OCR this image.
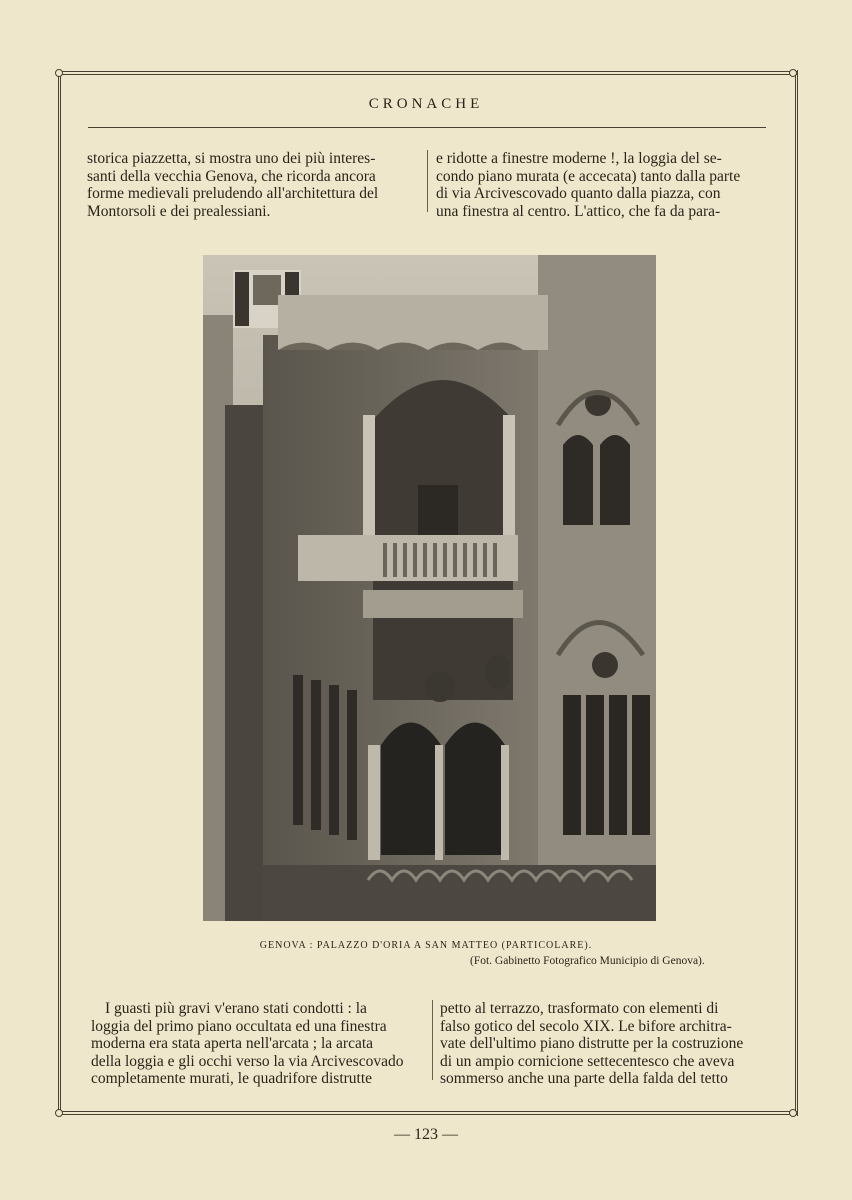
CRONACHE
storica piazzetta, si mostra uno dei più interes-
santi della vecchia Genova, che ricorda ancora
forme medievali preludendo all'architettura del
Montorsoli e dei prealessiani.
e ridotte a finestre moderne !, la loggia del se-
condo piano murata (e accecata) tanto dalla parte
di via Arcivescovado quanto dalla piazza, con
una finestra al centro. L'attico, che fa da para-
GENOVA : PALAZZO D'ORIA A SAN MATTEO (PARTICOLARE).
(Fot. Gabinetto Fotografico Municipio di Genova).
I guasti più gravi v'erano stati condotti : la
loggia del primo piano occultata ed una finestra
moderna era stata aperta nell'arcata ; la arcata
della loggia e gli occhi verso la via Arcivescovado
completamente murati, le quadrifore distrutte
petto al terrazzo, trasformato con elementi di
falso gotico del secolo XIX. Le bifore architra-
vate dell'ultimo piano distrutte per la costruzione
di un ampio cornicione settecentesco che aveva
sommerso anche una parte della falda del tetto
— 123 —
